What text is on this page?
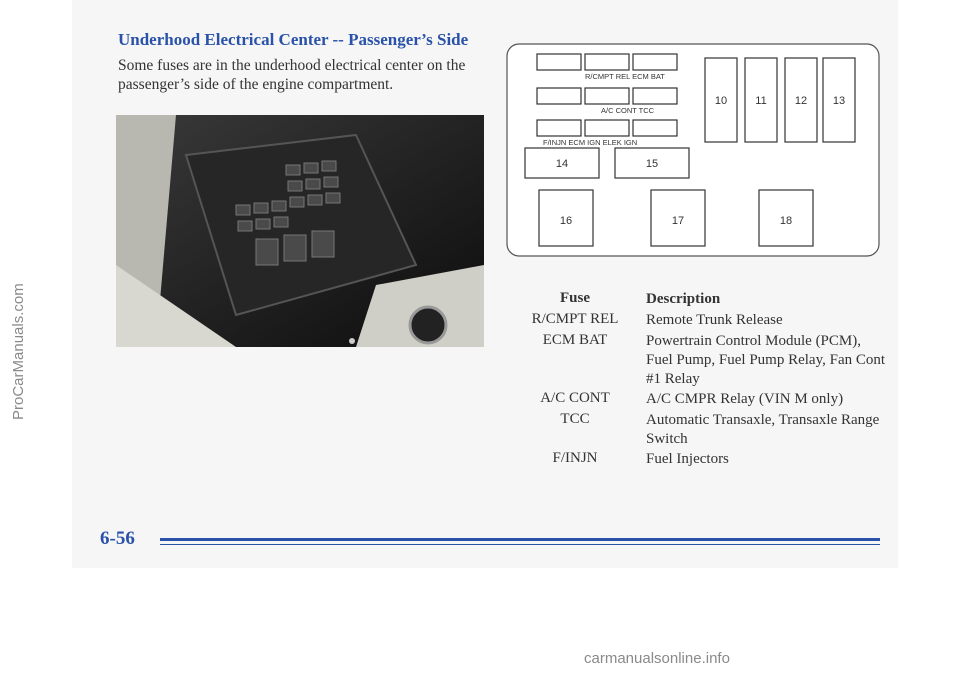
Underhood Electrical Center -- Passenger’s Side
Some fuses are in the underhood electrical center on the passenger’s side of the engine compartment.	R/CMPT REL ECM BAT
A/C CONT TCC
F/INJN ECM IGN ELEK IGN
10	11	12 13
14	15
16	17	18
Fuse	Description
R/CMPT REL	Remote Trunk Release
ECM BAT	Powertrain Control Module (PCM), Fuel Pump, Fuel Pump Relay, Fan Cont #1 Relay
A/C CONT	A/C CMPR Relay (VIN M only)
TCC	Automatic Transaxle, Transaxle Range Switch
F/INJN	Fuel Injectors
6-56
ProCarManuals.com
carmanualsonline.info
